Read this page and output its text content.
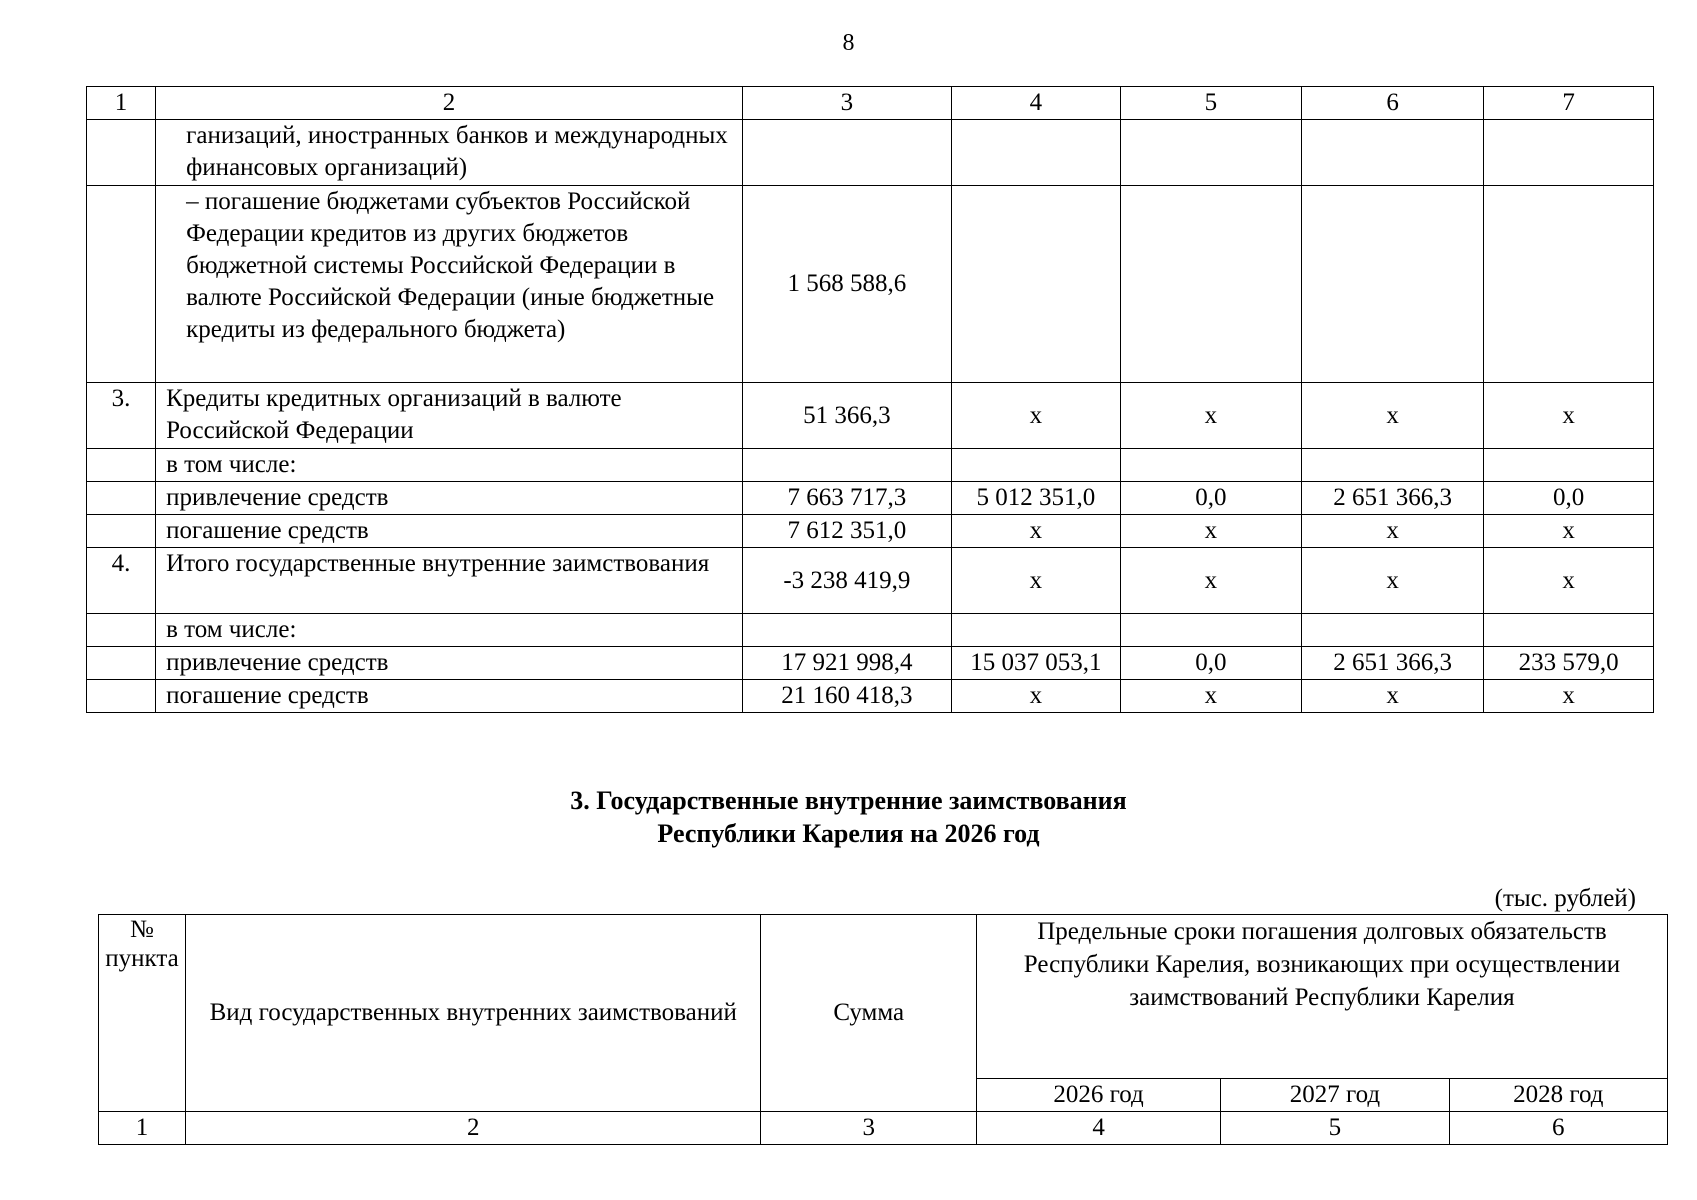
8
1	2	3	4	5	6	7
	ганизаций, иностранных банков и международных финансовых организаций)					
	– погашение бюджетами субъектов Российской Федерации кредитов из других бюджетов бюджетной системы Российской Федерации в валюте Российской Федерации (иные бюджетные кредиты из федерального бюджета)	1 568 588,6				
3.	Кредиты кредитных организаций в валюте Российской Федерации	51 366,3	x	x	x	x
	в том числе:					
	привлечение средств	7 663 717,3	5 012 351,0	0,0	2 651 366,3	0,0
	погашение средств	7 612 351,0	x	x	x	x
4.	Итого государственные внутренние заимствования	-3 238 419,9	x	x	x	x
	в том числе:					
	привлечение средств	17 921 998,4	15 037 053,1	0,0	2 651 366,3	233 579,0
	погашение средств	21 160 418,3	x	x	x	x
3. Государственные внутренние заимствования
Республики Карелия на 2026 год
(тыс. рублей)
№ пункта	Вид государственных внутренних заимствований	Сумма	Предельные сроки погашения долговых обязательств Республики Карелия, возникающих при осуществлении заимствований Республики Карелия		
			2026 год	2027 год	2028 год
1	2	3	4	5	6
